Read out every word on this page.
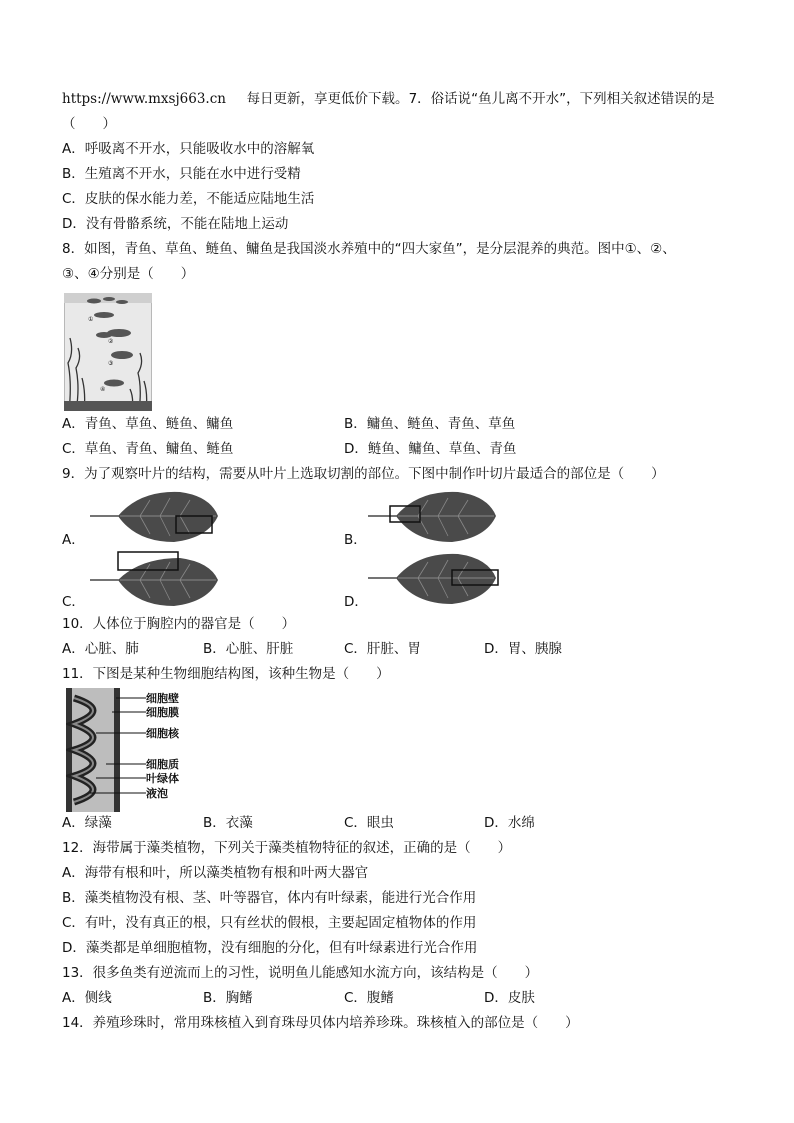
https://www.mxsj663.cn 每日更新，享更低价下载。7．俗话说“鱼儿离不开水”，下列相关叙述错误的是
（　　）
A．呼吸离不开水，只能吸收水中的溶解氧
B．生殖离不开水，只能在水中进行受精
C．皮肤的保水能力差，不能适应陆地生活
D．没有骨骼系统，不能在陆地上运动
8．如图，青鱼、草鱼、鲢鱼、鳙鱼是我国淡水养殖中的“四大家鱼”，是分层混养的典范。图中①、②、
③、④分别是（　　）
①
②
③
④
A．青鱼、草鱼、鲢鱼、鳙鱼	B．鳙鱼、鲢鱼、青鱼、草鱼
C．草鱼、青鱼、鳙鱼、鲢鱼	D．鲢鱼、鳙鱼、草鱼、青鱼
9．为了观察叶片的结构，需要从叶片上选取切割的部位。下图中制作叶切片最适合的部位是（　　）
A．	B．
C．	D．
10．人体位于胸腔内的器官是（　　）
A．心脏、肺	B．心脏、肝脏	C．肝脏、胃	D．胃、胰腺
11．下图是某种生物细胞结构图，该种生物是（　　）
细胞壁
细胞膜
细胞核
细胞质
叶绿体
液泡
A．绿藻	B．衣藻	C．眼虫	D．水绵
12．海带属于藻类植物，下列关于藻类植物特征的叙述，正确的是（　　）
A．海带有根和叶，所以藻类植物有根和叶两大器官
B．藻类植物没有根、茎、叶等器官，体内有叶绿素，能进行光合作用
C．有叶，没有真正的根，只有丝状的假根，主要起固定植物体的作用
D．藻类都是单细胞植物，没有细胞的分化，但有叶绿素进行光合作用
13．很多鱼类有逆流而上的习性，说明鱼儿能感知水流方向，该结构是（　　）
A．侧线	B．胸鳍	C．腹鳍	D．皮肤
14．养殖珍珠时，常用珠核植入到育珠母贝体内培养珍珠。珠核植入的部位是（　　）
